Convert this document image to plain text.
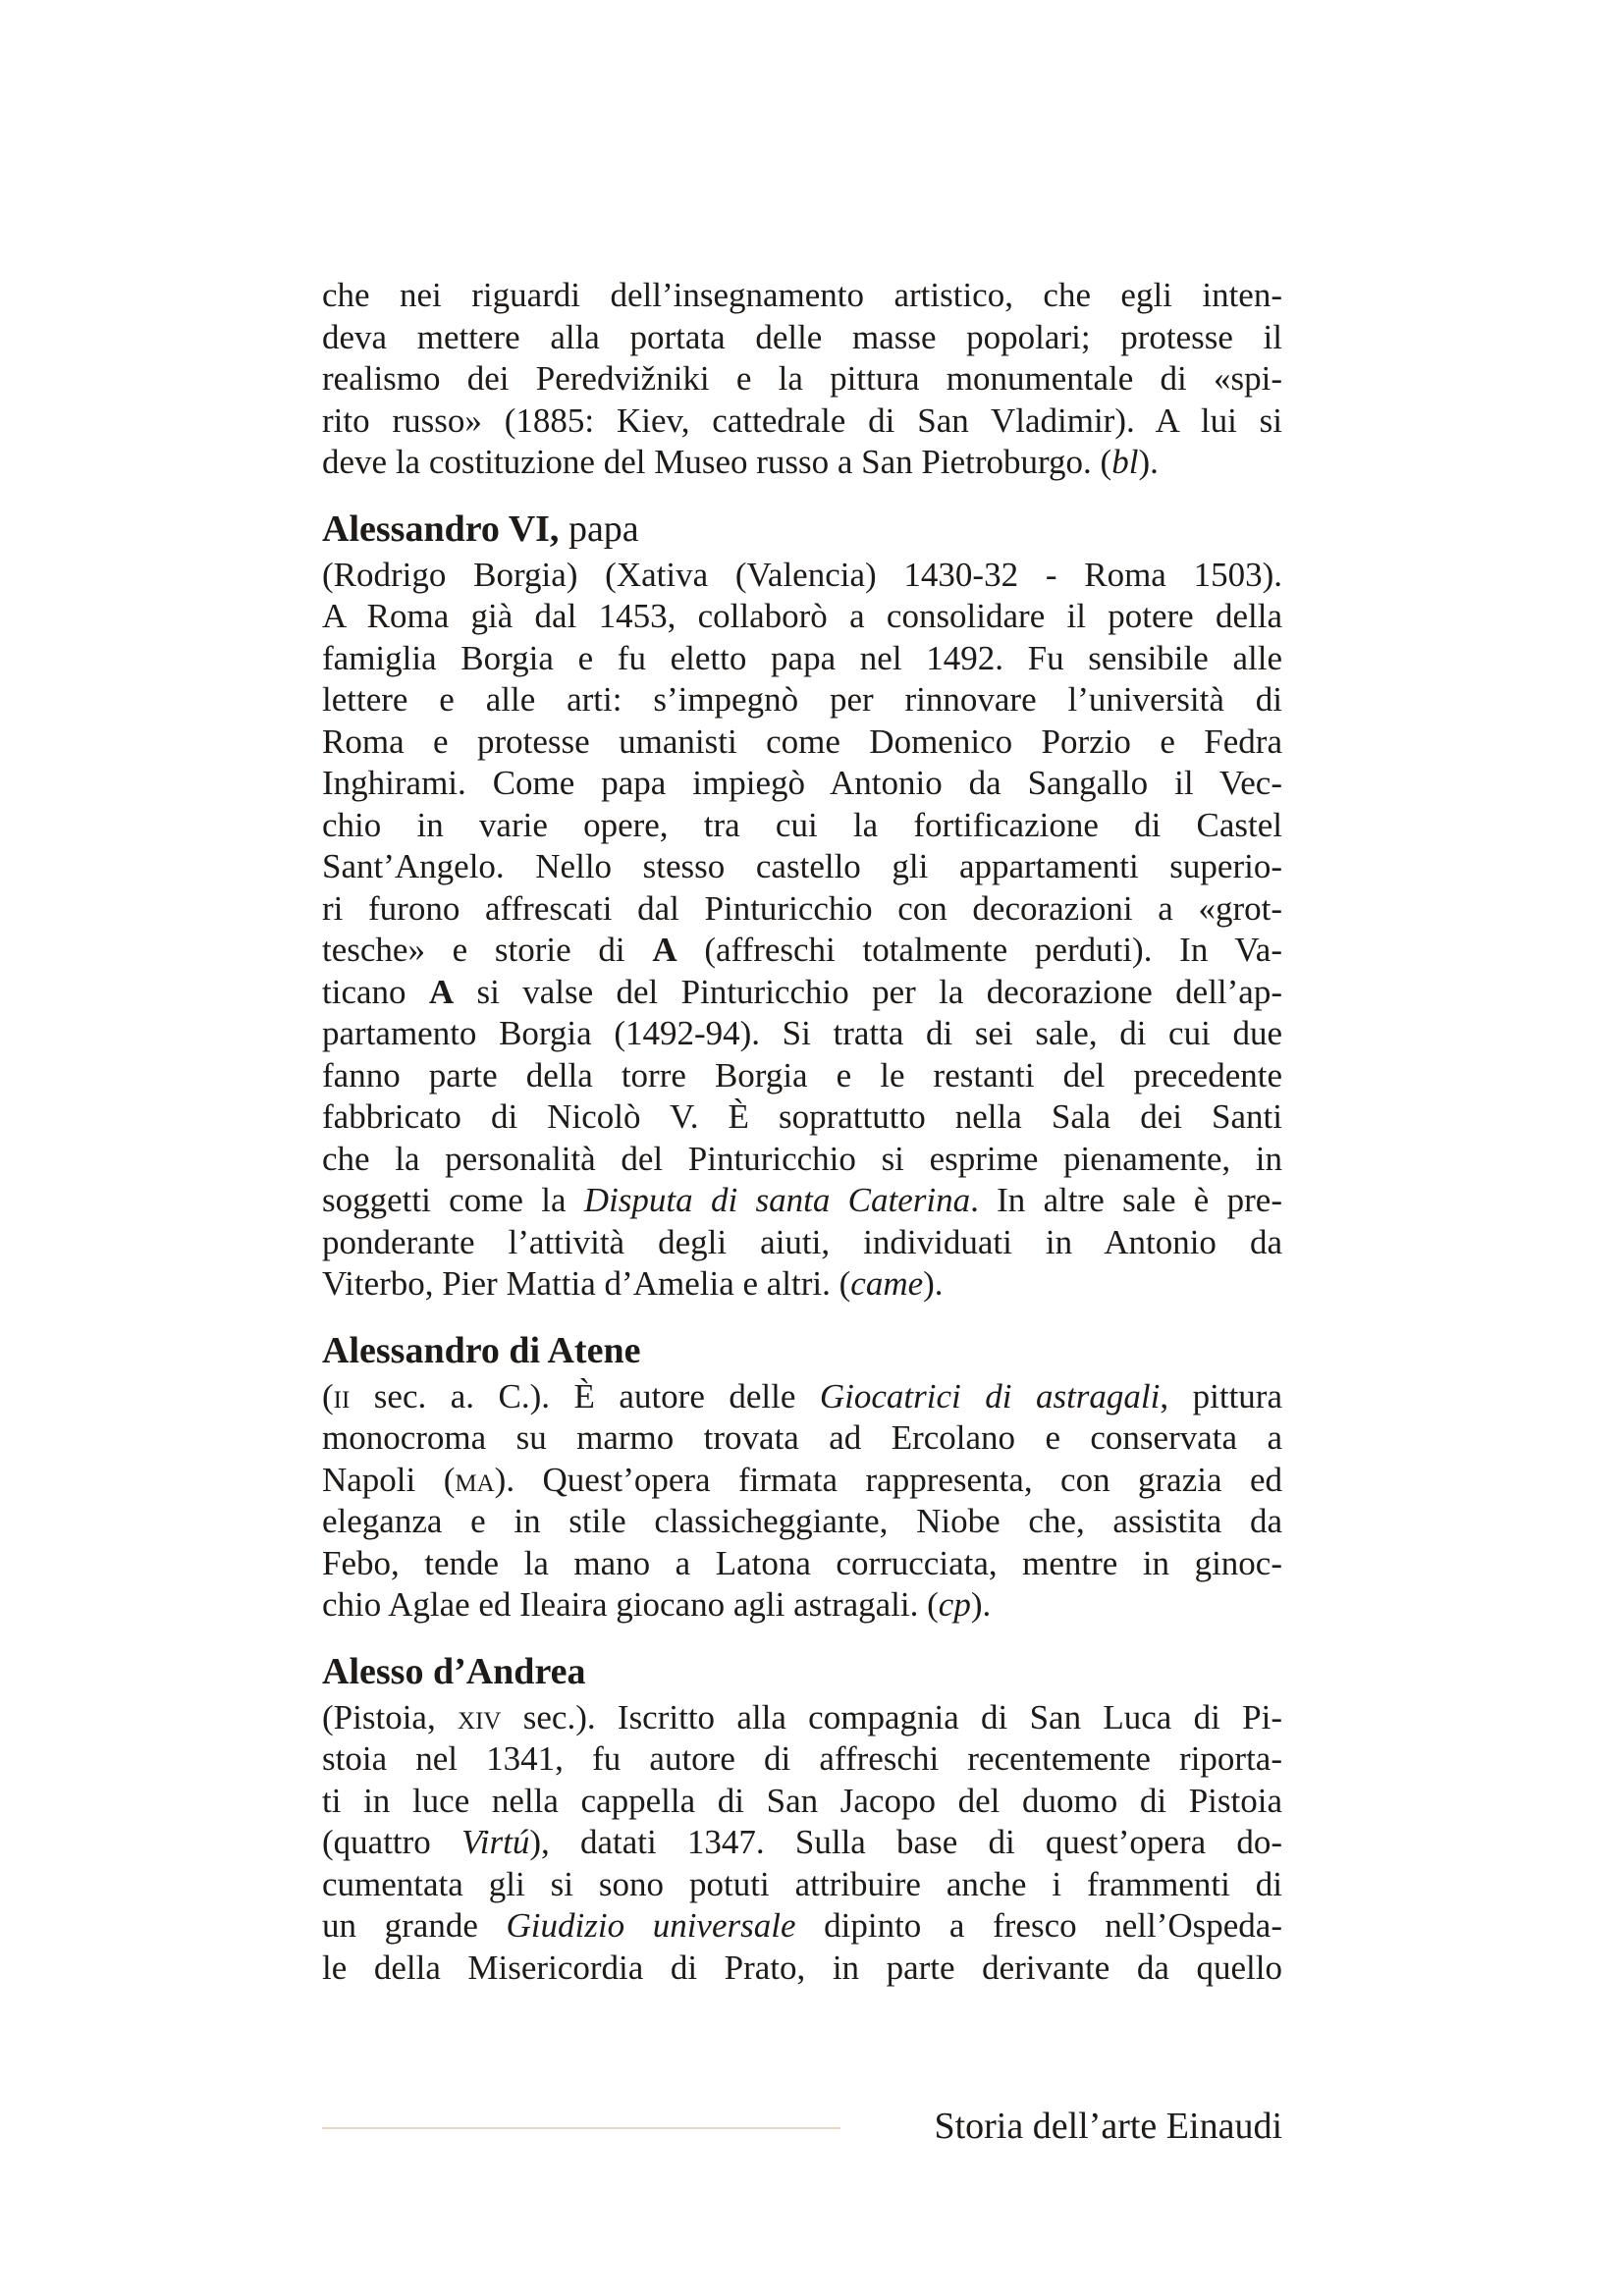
che nei riguardi dell’insegnamento artistico, che egli inten-
deva mettere alla portata delle masse popolari; protesse il
realismo dei Peredvižniki e la pittura monumentale di «spi-
rito russo» (1885: Kiev, cattedrale di San Vladimir). A lui si
deve la costituzione del Museo russo a San Pietroburgo. (bl).
Alessandro VI, papa
(Rodrigo Borgia) (Xativa (Valencia) 1430-32 - Roma 1503).
A Roma già dal 1453, collaborò a consolidare il potere della
famiglia Borgia e fu eletto papa nel 1492. Fu sensibile alle
lettere e alle arti: s’impegnò per rinnovare l’università di
Roma e protesse umanisti come Domenico Porzio e Fedra
Inghirami. Come papa impiegò Antonio da Sangallo il Vec-
chio in varie opere, tra cui la fortificazione di Castel
Sant’Angelo. Nello stesso castello gli appartamenti superio-
ri furono affrescati dal Pinturicchio con decorazioni a «grot-
tesche» e storie di A (affreschi totalmente perduti). In Va-
ticano A si valse del Pinturicchio per la decorazione dell’ap-
partamento Borgia (1492-94). Si tratta di sei sale, di cui due
fanno parte della torre Borgia e le restanti del precedente
fabbricato di Nicolò V. È soprattutto nella Sala dei Santi
che la personalità del Pinturicchio si esprime pienamente, in
soggetti come la Disputa di santa Caterina. In altre sale è pre-
ponderante l’attività degli aiuti, individuati in Antonio da
Viterbo, Pier Mattia d’Amelia e altri. (came).
Alessandro di Atene
(ii sec. a. C.). È autore delle Giocatrici di astragali, pittura
monocroma su marmo trovata ad Ercolano e conservata a
Napoli (ma). Quest’opera firmata rappresenta, con grazia ed
eleganza e in stile classicheggiante, Niobe che, assistita da
Febo, tende la mano a Latona corrucciata, mentre in ginoc-
chio Aglae ed Ileaira giocano agli astragali. (cp).
Alesso d’Andrea
(Pistoia, xiv sec.). Iscritto alla compagnia di San Luca di Pi-
stoia nel 1341, fu autore di affreschi recentemente riporta-
ti in luce nella cappella di San Jacopo del duomo di Pistoia
(quattro Virtú), datati 1347. Sulla base di quest’opera do-
cumentata gli si sono potuti attribuire anche i frammenti di
un grande Giudizio universale dipinto a fresco nell’Ospeda-
le della Misericordia di Prato, in parte derivante da quello
Storia dell’arte Einaudi
